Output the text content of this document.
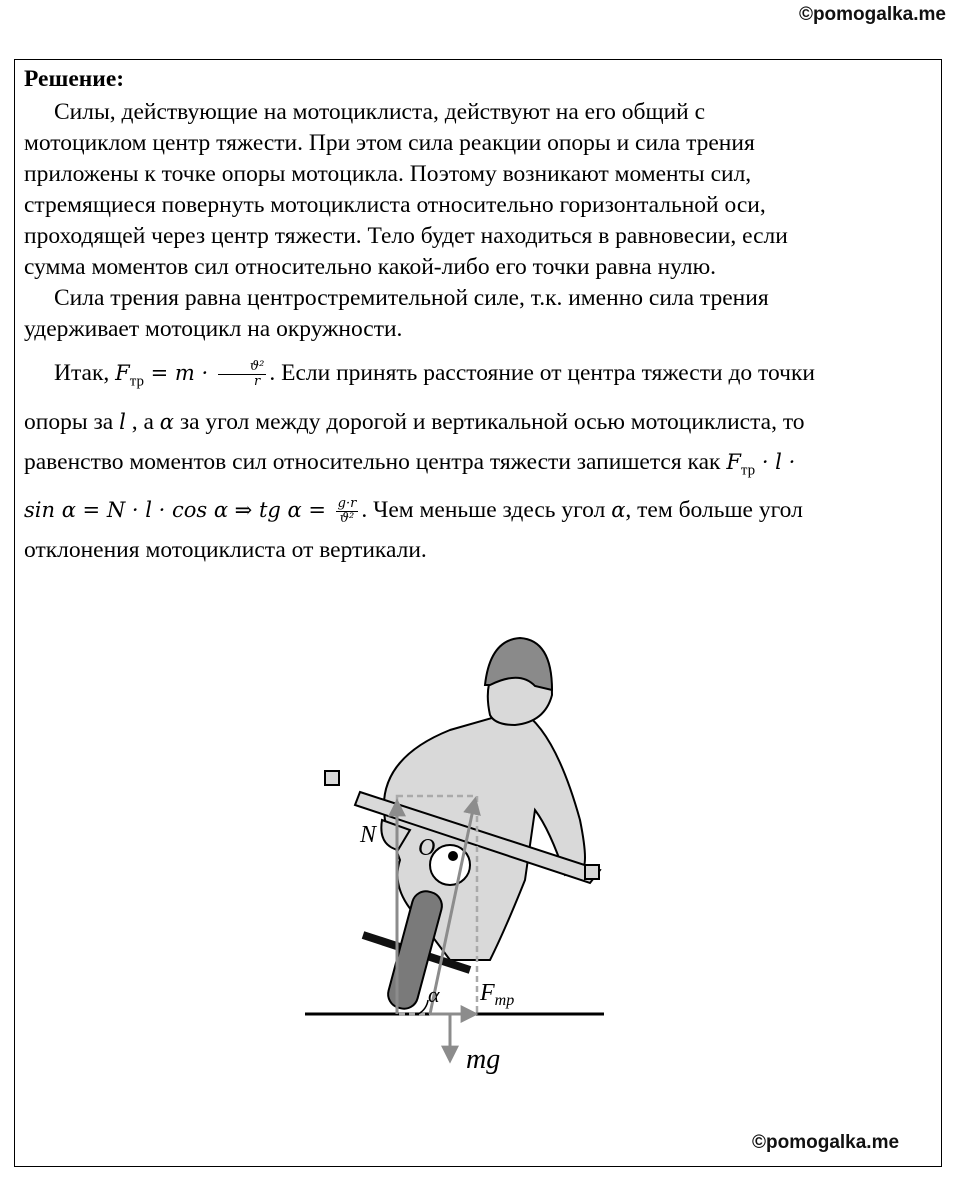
©pomogalka.me
Решение:

Силы, действующие на мотоциклиста, действуют на его общий с

мотоциклом центр тяжести. При этом сила реакции опоры и сила трения
приложены к точке опоры мотоцикла. Поэтому возникают моменты сил,
стремящиеся повернуть мотоциклиста относительно горизонтальной оси,
проходящей через центр тяжести. Тело будет находиться в равновесии, если
сумма моментов сил относительно какой-либо его точки равна нулю.

Сила трения равна центростремительной силе, т.к. именно сила трения

удерживает мотоцикл на окружности.

Итак, $F_{тр} = m \cdot \frac{\text{ϑ²}}{r}$ . Если принять расстояние от центра тяжести до точки

опоры за l , а α за угол между дорогой и вертикальной осью мотоциклиста, то
равенство моментов сил относительно центра тяжести запишется как $F_{тр} \cdot l$ ·
sin α = N · l · cos α ⇒ tg $\alpha = \frac{g\cdot r}{\text{ϑ²}}$ . Чем меньше здесь угол α, тем больше угол
отклонения мотоциклиста от вертикали.
N O
α $F_{тр}$
mg
©pomogalka.me
